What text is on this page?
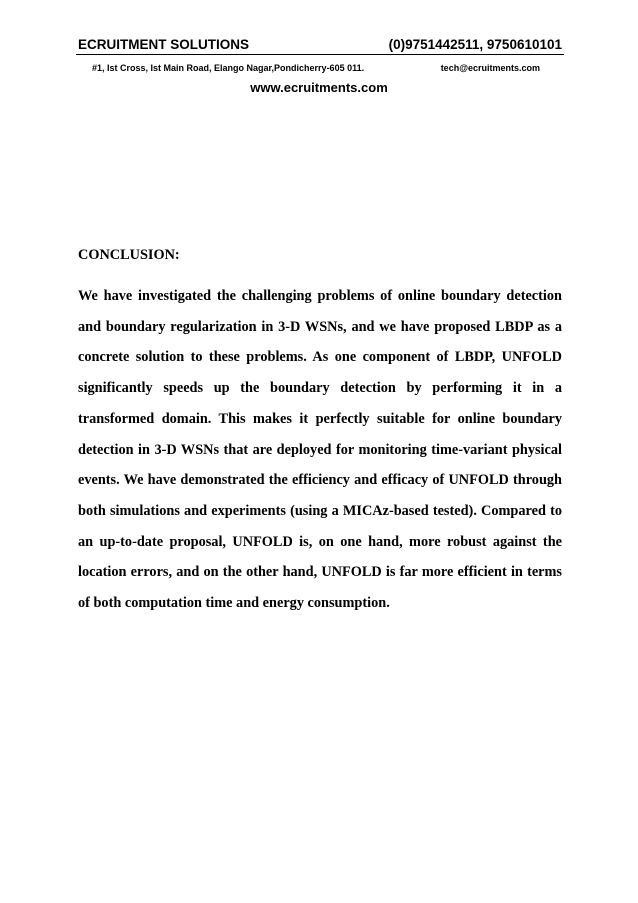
ECRUITMENT SOLUTIONS	(0)9751442511, 9750610101
#1, Ist Cross, Ist Main Road, Elango Nagar,Pondicherry-605 011.	tech@ecruitments.com
www.ecruitments.com
CONCLUSION:

We have investigated the challenging problems of online boundary detection and boundary regularization in 3-D WSNs, and we have proposed LBDP as a concrete solution to these problems. As one component of LBDP, UNFOLD significantly speeds up the boundary detection by performing it in a transformed domain. This makes it perfectly suitable for online boundary detection in 3-D WSNs that are deployed for monitoring time-variant physical events. We have demonstrated the efficiency and efficacy of UNFOLD through both simulations and experiments (using a MICAz-based tested). Compared to an up-to-date proposal, UNFOLD is, on one hand, more robust against the location errors, and on the other hand, UNFOLD is far more efficient in terms of both computation time and energy consumption.
